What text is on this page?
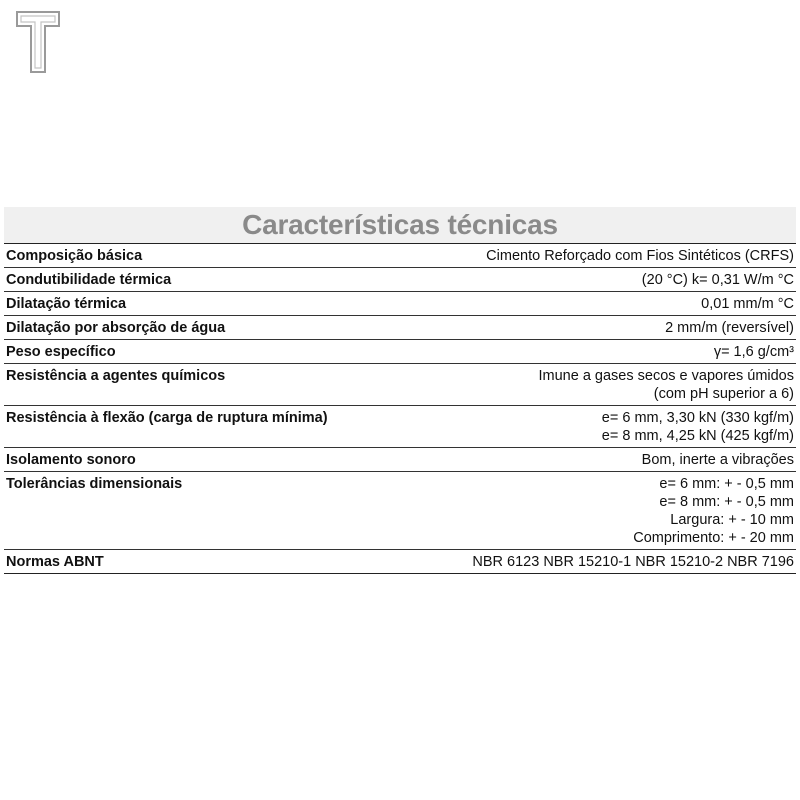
Características técnicas
Composição básica	Cimento Reforçado com Fios Sintéticos (CRFS)

Condutibilidade térmica	(20 °C) k= 0,31 W/m °C

Dilatação térmica	0,01 mm/m °C

Dilatação por absorção de água	2 mm/m (reversível)

Peso específico	γ= 1,6 g/cm³

Resistência a agentes químicos	Imune a gases secos e vapores úmidos
(com pH superior a 6)

Resistência à flexão (carga de ruptura mínima)	e= 6 mm, 3,30 kN (330 kgf/m)
e= 8 mm, 4,25 kN (425 kgf/m)

Isolamento sonoro	Bom, inerte a vibrações

Tolerâncias dimensionais	e= 6 mm: + - 0,5 mm
e= 8 mm: + - 0,5 mm
Largura: + - 10 mm
Comprimento: + - 20 mm

Normas ABNT	NBR 6123 NBR 15210-1 NBR 15210-2 NBR 7196
